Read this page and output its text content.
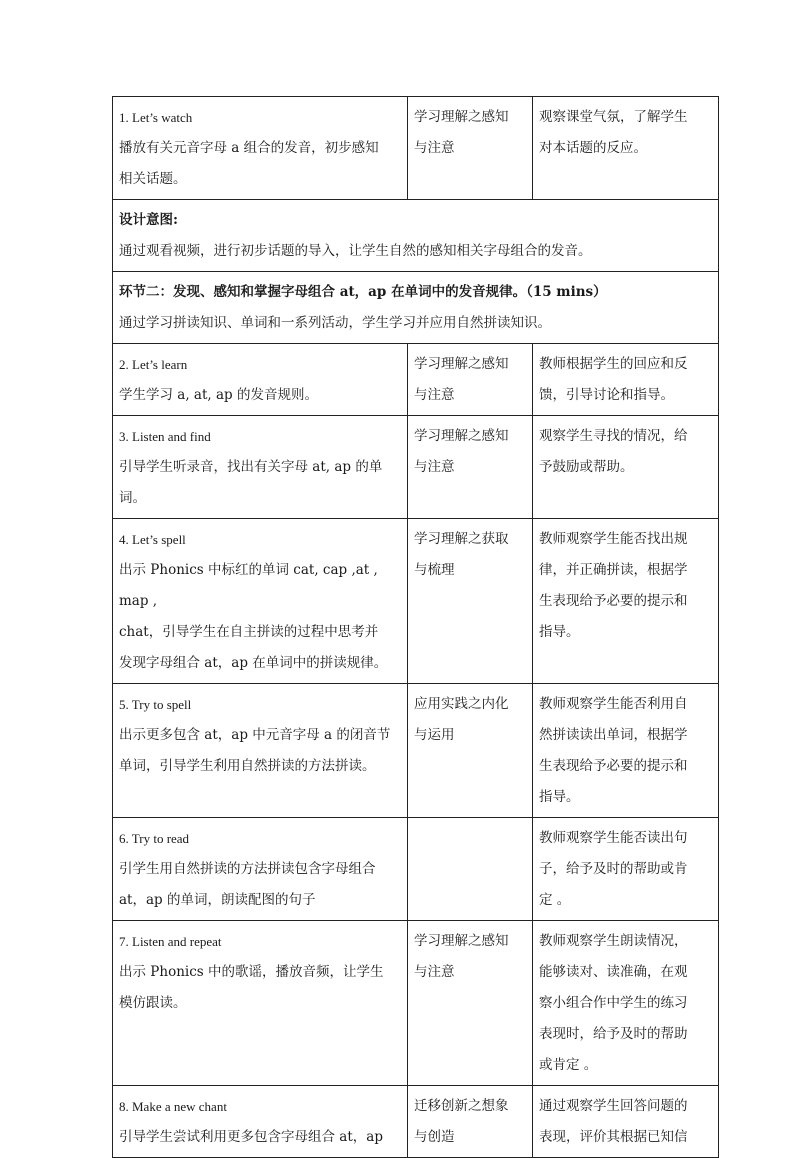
1. Let’s watch
播放有关元音字母 a 组合的发音，初步感知
相关话题。	学习理解之感知
与注意	观察课堂气氛，了解学生
对本话题的反应。

设计意图:
通过观看视频，进行初步话题的导入，让学生自然的感知相关字母组合的发音。		

环节二：发现、感知和掌握字母组合 at，ap 在单词中的发音规律。（15 mins）
通过学习拼读知识、单词和一系列活动，学生学习并应用自然拼读知识。		

2. Let’s learn
学生学习 a, at, ap 的发音规则。	学习理解之感知
与注意	教师根据学生的回应和反
馈，引导讨论和指导。

3. Listen and find
引导学生听录音，找出有关字母 at, ap 的单
词。	学习理解之感知
与注意	观察学生寻找的情况，给
予鼓励或帮助。

4. Let’s spell
出示 Phonics 中标红的单词 cat, cap ,at , map ,
chat，引导学生在自主拼读的过程中思考并
发现字母组合 at，ap 在单词中的拼读规律。	学习理解之获取
与梳理	教师观察学生能否找出规
律，并正确拼读，根据学
生表现给予必要的提示和
指导。

5. Try to spell
出示更多包含 at，ap 中元音字母 a 的闭音节
单词，引导学生利用自然拼读的方法拼读。	应用实践之内化
与运用	教师观察学生能否利用自
然拼读读出单词，根据学
生表现给予必要的提示和
指导。

6. Try to read
引学生用自然拼读的方法拼读包含字母组合
at，ap 的单词，朗读配图的句子		教师观察学生能否读出句
子，给予及时的帮助或肯
定 。

7. Listen and repeat
出示 Phonics 中的歌谣，播放音频，让学生
模仿跟读。	学习理解之感知
与注意	教师观察学生朗读情况，
能够读对、读准确，在观
察小组合作中学生的练习
表现时，给予及时的帮助
或肯定 。

8. Make a new chant
引导学生尝试利用更多包含字母组合 at，ap	迁移创新之想象
与创造	通过观察学生回答问题的
表现，评价其根据已知信
